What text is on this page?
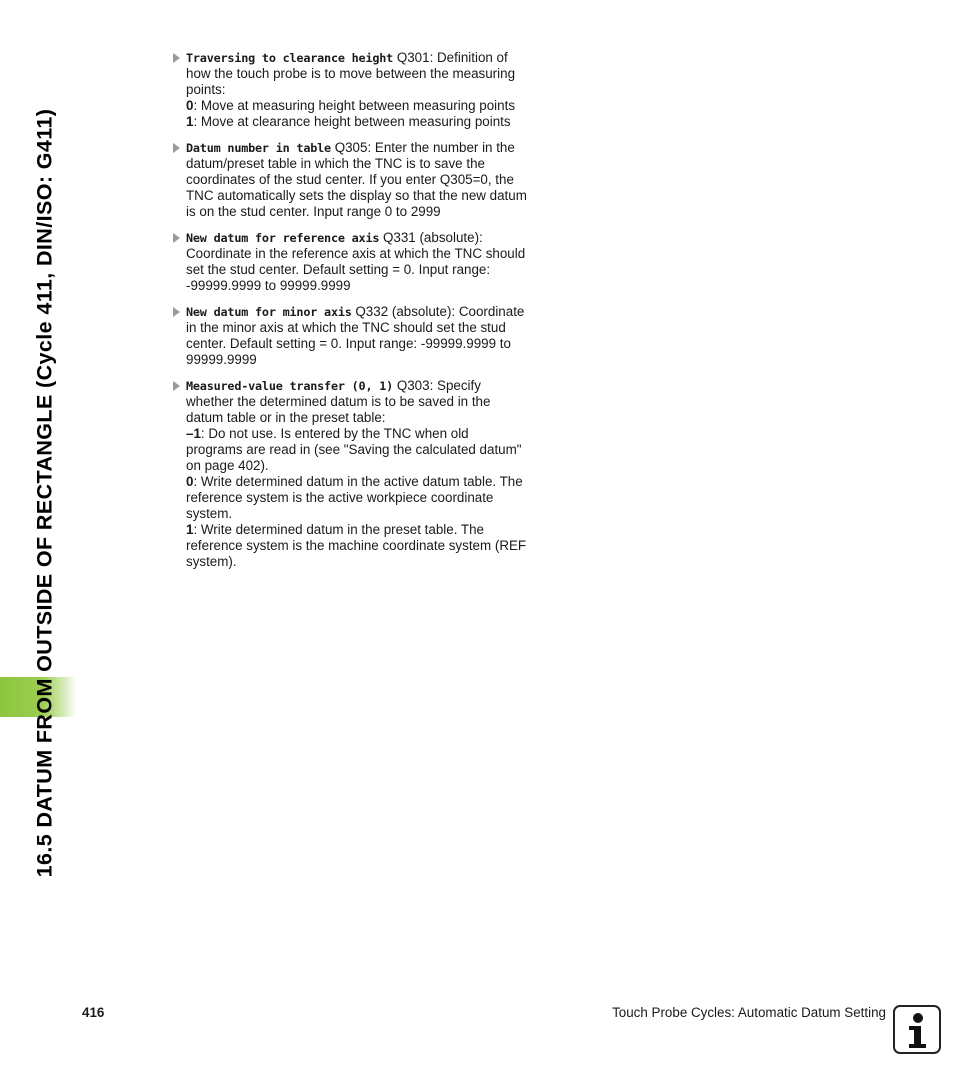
16.5 DATUM FROM OUTSIDE OF RECTANGLE (Cycle 411, DIN/ISO: G411)
Traversing to clearance height Q301: Definition of how the touch probe is to move between the measuring points:
0: Move at measuring height between measuring points
1: Move at clearance height between measuring points
Datum number in table Q305: Enter the number in the datum/preset table in which the TNC is to save the coordinates of the stud center. If you enter Q305=0, the TNC automatically sets the display so that the new datum is on the stud center. Input range 0 to 2999
New datum for reference axis Q331 (absolute): Coordinate in the reference axis at which the TNC should set the stud center. Default setting = 0. Input range: -99999.9999 to 99999.9999
New datum for minor axis Q332 (absolute): Coordinate in the minor axis at which the TNC should set the stud center. Default setting = 0. Input range: -99999.9999 to 99999.9999
Measured-value transfer (0, 1) Q303: Specify whether the determined datum is to be saved in the datum table or in the preset table:
–1: Do not use. Is entered by the TNC when old programs are read in (see "Saving the calculated datum" on page 402).
0: Write determined datum in the active datum table. The reference system is the active workpiece coordinate system.
1: Write determined datum in the preset table. The reference system is the machine coordinate system (REF system).
416	Touch Probe Cycles: Automatic Datum Setting
